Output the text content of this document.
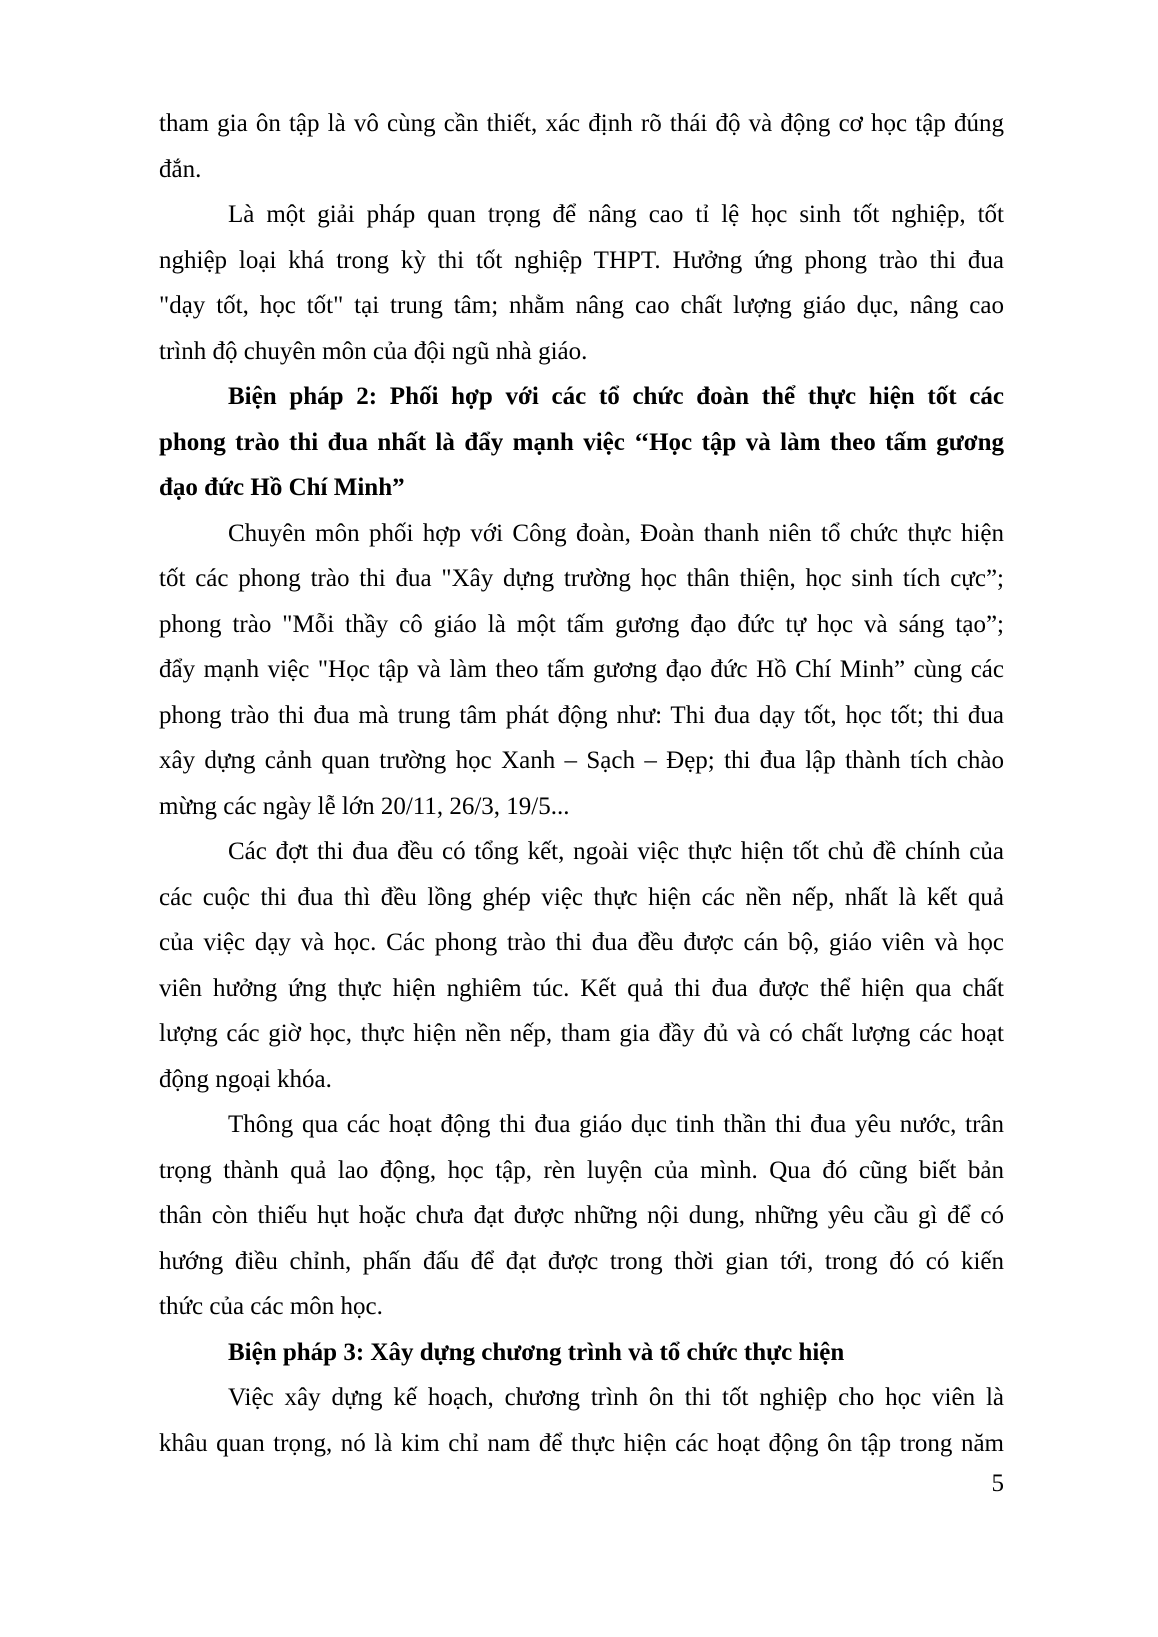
tham gia ôn tập là vô cùng cần thiết, xác định rõ thái độ và động cơ học tập đúng
đắn.
Là một giải pháp quan trọng để nâng cao tỉ lệ học sinh tốt nghiệp, tốt
nghiệp loại khá trong kỳ thi tốt nghiệp THPT. Hưởng ứng phong trào thi đua
"dạy tốt, học tốt" tại trung tâm; nhằm nâng cao chất lượng giáo dục, nâng cao
trình độ chuyên môn của đội ngũ nhà giáo.
Biện pháp 2: Phối hợp với các tổ chức đoàn thể thực hiện tốt các
phong trào thi đua nhất là đẩy mạnh việc ‘‘Học tập và làm theo tấm gương
đạo đức Hồ Chí Minh”
Chuyên môn phối hợp với Công đoàn, Đoàn thanh niên tổ chức thực hiện
tốt các phong trào thi đua "Xây dựng trường học thân thiện, học sinh tích cực”;
phong trào "Mỗi thầy cô giáo là một tấm gương đạo đức tự học và sáng tạo”;
đẩy mạnh việc "Học tập và làm theo tấm gương đạo đức Hồ Chí Minh” cùng các
phong trào thi đua mà trung tâm phát động như: Thi đua dạy tốt, học tốt; thi đua
xây dựng cảnh quan trường học Xanh – Sạch – Đẹp; thi đua lập thành tích chào
mừng các ngày lễ lớn 20/11, 26/3, 19/5...
Các đợt thi đua đều có tổng kết, ngoài việc thực hiện tốt chủ đề chính của
các cuộc thi đua thì đều lồng ghép việc thực hiện các nền nếp, nhất là kết quả
của việc dạy và học. Các phong trào thi đua đều được cán bộ, giáo viên và học
viên hưởng ứng thực hiện nghiêm túc. Kết quả thi đua được thể hiện qua chất
lượng các giờ học, thực hiện nền nếp, tham gia đầy đủ và có chất lượng các hoạt
động ngoại khóa.
Thông qua các hoạt động thi đua giáo dục tinh thần thi đua yêu nước, trân
trọng thành quả lao động, học tập, rèn luyện của mình. Qua đó cũng biết bản
thân còn thiếu hụt hoặc chưa đạt được những nội dung, những yêu cầu gì để có
hướng điều chỉnh, phấn đấu để đạt được trong thời gian tới, trong đó có kiến
thức của các môn học.
Biện pháp 3: Xây dựng chương trình và tổ chức thực hiện
Việc xây dựng kế hoạch, chương trình ôn thi tốt nghiệp cho học viên là
khâu quan trọng, nó là kim chỉ nam để thực hiện các hoạt động ôn tập trong năm
5
